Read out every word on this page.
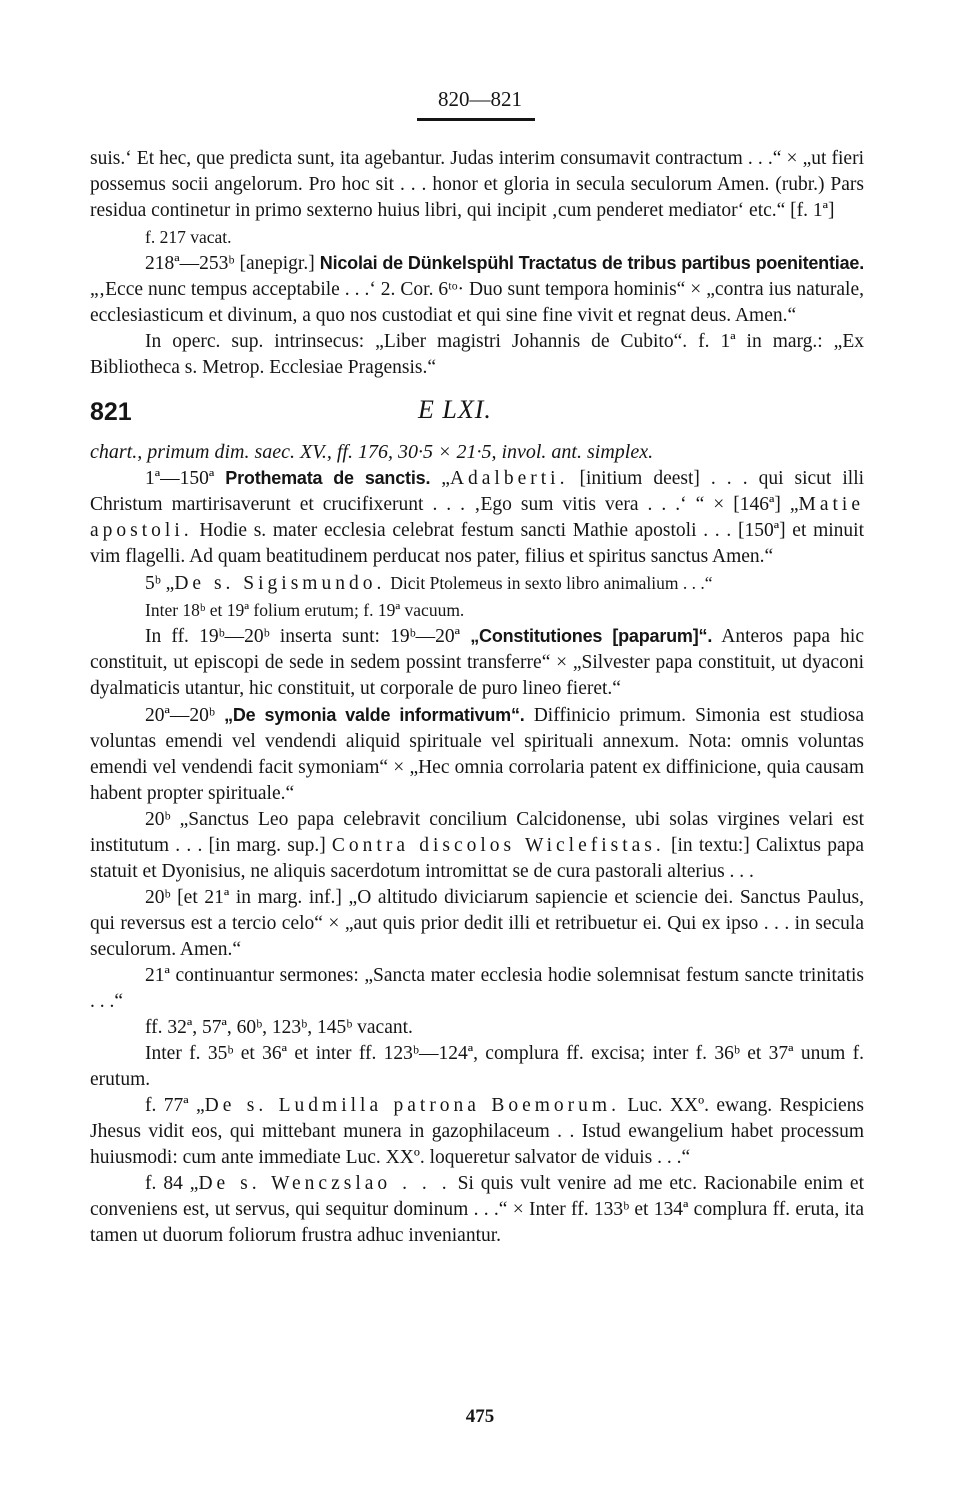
820—821

suis.‘ Et hec, que predicta sunt, ita agebantur. Judas interim consumavit contractum . . .“ × „ut fieri possemus socii angelorum. Pro hoc sit . . . honor et gloria in secula seculorum Amen. (rubr.) Pars residua continetur in primo sexterno huius libri, qui incipit ‚cum penderet mediator‘ etc.“ [f. 1ª]

f. 217 vacat.

218ª—253ᵇ [anepigr.] Nicolai de Dünkelspühl Tractatus de tribus partibus poenitentiae. „‚Ecce nunc tempus acceptabile . . .‘ 2. Cor. 6ᵗᵒ· Duo sunt tempora hominis“ × „contra ius naturale, ecclesiasticum et divinum, a quo nos custodiat et qui sine fine vivit et regnat deus. Amen.“

In operc. sup. intrinsecus: „Liber magistri Johannis de Cubito“. f. 1ª in marg.: „Ex Bibliotheca s. Metrop. Ecclesiae Pragensis.“

821	E LXI.

chart., primum dim. saec. XV., ff. 176, 30·5 × 21·5, invol. ant. simplex.

1ª—150ª Prothemata de sanctis. „Adalberti. [initium deest] . . . qui sicut illi Christum martirisaverunt et crucifixerunt . . . ‚Ego sum vitis vera . . .‘ “ × [146ª] „Matie apostoli. Hodie s. mater ecclesia celebrat festum sancti Mathie apostoli . . . [150ª] et minuit vim flagelli. Ad quam beatitudinem perducat nos pater, filius et spiritus sanctus Amen.“

5ᵇ „De s. Sigismundo. Dicit Ptolemeus in sexto libro animalium . . .“

Inter 18ᵇ et 19ª folium erutum; f. 19ª vacuum.

In ff. 19ᵇ—20ᵇ inserta sunt: 19ᵇ—20ª „Constitutiones [paparum]“. Anteros papa hic constituit, ut episcopi de sede in sedem possint transferre“ × „Silvester papa constituit, ut dyaconi dyalmaticis utantur, hic constituit, ut corporale de puro lineo fieret.“

20ª—20ᵇ „De symonia valde informativum“. Diffinicio primum. Simonia est studiosa voluntas emendi vel vendendi aliquid spirituale vel spirituali annexum. Nota: omnis voluntas emendi vel vendendi facit symoniam“ × „Hec omnia corrolaria patent ex diffinicione, quia causam habent propter spirituale.“

20ᵇ „Sanctus Leo papa celebravit concilium Calcidonense, ubi solas virgines velari est institutum . . . [in marg. sup.] Contra discolos Wiclefistas. [in textu:] Calixtus papa statuit et Dyonisius, ne aliquis sacerdotum intromittat se de cura pastorali alterius . . .

20ᵇ [et 21ª in marg. inf.] „O altitudo diviciarum sapiencie et sciencie dei. Sanctus Paulus, qui reversus est a tercio celo“ × „aut quis prior dedit illi et retribuetur ei. Qui ex ipso . . . in secula seculorum. Amen.“

21ª continuantur sermones: „Sancta mater ecclesia hodie solemnisat festum sancte trinitatis . . .“

ff. 32ª, 57ª, 60ᵇ, 123ᵇ, 145ᵇ vacant.

Inter f. 35ᵇ et 36ª et inter ff. 123ᵇ—124ª, complura ff. excisa; inter f. 36ᵇ et 37ª unum f. erutum.

f. 77ª „De s. Ludmilla patrona Boemorum. Luc. XXº. ewang. Respiciens Jhesus vidit eos, qui mittebant munera in gazophilaceum . . Istud ewangelium habet processum huiusmodi: cum ante immediate Luc. XXº. loqueretur salvator de viduis . . .“

f. 84 „De s. Wenczslao . . . Si quis vult venire ad me etc. Racionabile enim et conveniens est, ut servus, qui sequitur dominum . . .“ × Inter ff. 133ᵇ et 134ª complura ff. eruta, ita tamen ut duorum foliorum frustra adhuc inveniantur.

475
